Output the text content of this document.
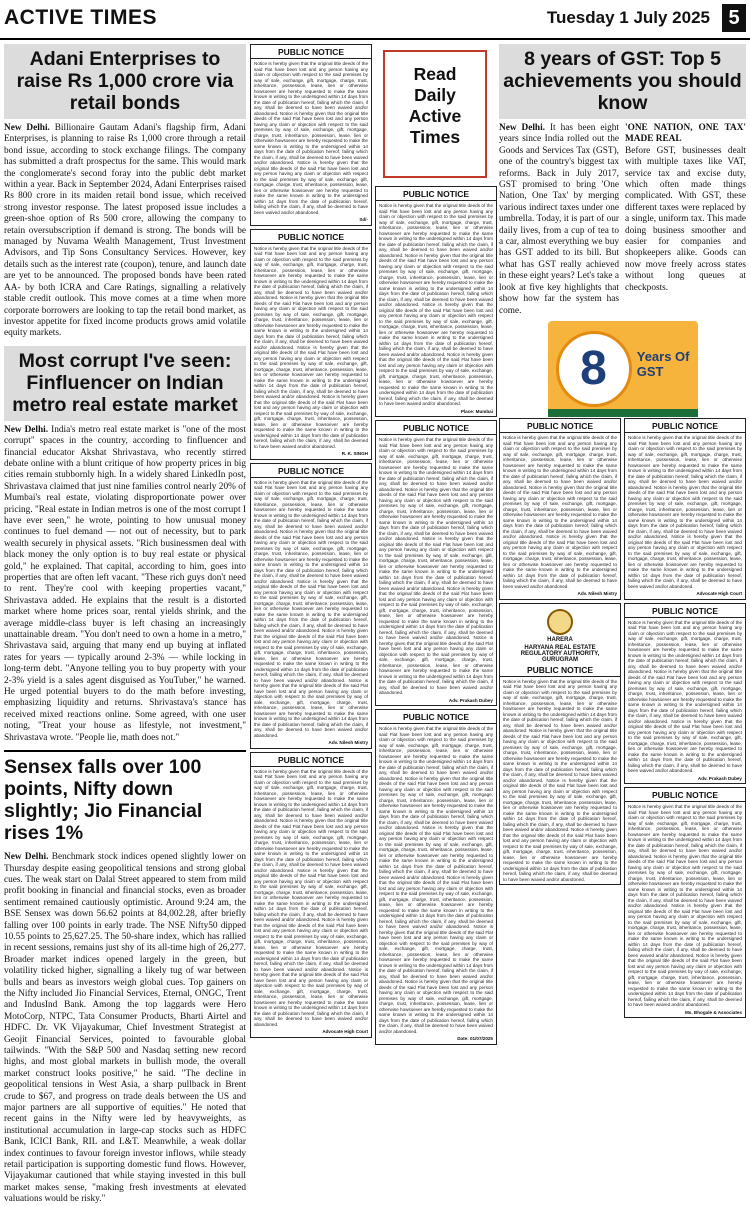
ACTIVE TIMES	Tuesday 1 July 2025 5
Adani Enterprises to raise Rs 1,000 crore via retail bonds
New Delhi. Billionaire Gautam Adani's flagship firm, Adani Enterprises, is planning to raise Rs 1,000 crore through a retail bond issue, according to stock exchange filings. The company has submitted a draft prospectus for the same. This would mark the conglomerate's second foray into the public debt market within a year. Back in September 2024, Adani Enterprises raised Rs 800 crore in its maiden retail bond issue, which received strong investor response. The latest proposed issue includes a green-shoe option of Rs 500 crore, allowing the company to retain oversubscription if demand is strong. The bonds will be managed by Nuvama Wealth Management, Trust Investment Advisors, and Tip Sons Consultancy Services. However, key details such as the interest rate (coupon), tenure, and launch date are yet to be announced. The proposed bonds have been rated AA- by both ICRA and Care Ratings, signalling a relatively stable credit outlook. This move comes at a time when more corporate borrowers are looking to tap the retail bond market, as investor appetite for fixed income products grows amid volatile equity markets.
Most corrupt I've seen: Finfluencer on Indian metro real estate market
New Delhi. India's metro real estate market is "one of the most corrupt" spaces in the country, according to finfluencer and financial educator Akshat Shrivastava, who recently stirred debate online with a blunt critique of how property prices in big cities remain stubbornly high. In a widely shared LinkedIn post, Shrivastava claimed that just nine families control nearly 20% of Mumbai's real estate, violating disproportionate power over pricing. "Real estate in Indian metros is one of the most corrupt I have ever seen," he wrote, pointing to how unusual money continues to fuel demand — not out of necessity, but to park wealth securely in physical assets. "Rich businessmen deal with black money the only option is to buy real estate or physical gold," he explained. That capital, according to him, goes into properties that are often left vacant. "These rich guys don't need to rent. They're cool with keeping properties vacant," Shrivastava added. He explains that the result is a distorted market where home prices soar, rental yields shrink, and the average middle-class buyer is left chasing an increasingly unattainable dream. "You don't need to own a home in a metro," Shrivastava said, arguing that many end up buying at inflated rates for years — typically around 2-3% — while locking in long-term debt. "Anyone telling you to buy property with your 2-3% yield is a sales agent disguised as YouTuber," he warned. He urged potential buyers to do the math before investing, emphasizing liquidity and returns. Shrivastava's stance has received mixed reactions online. Some agreed, with one user noting, "Treat your house as lifestyle, not investment," Shrivastava wrote. "People lie, math does not."
Sensex falls over 100 points, Nifty down slightly; Jio Financial rises 1%
New Delhi. Benchmark stock indices opened slightly lower on Thursday despite easing geopolitical tensions and strong global cues. The weak start on Dalal Street appeared to stem from mild profit booking in financial and financial stocks, even as broader sentiment remained cautiously optimistic. Around 9:24 am, the BSE Sensex was down 56.62 points at 84,002.28, after briefly falling over 100 points in early trade. The NSE Nifty50 dipped 10.55 points to 25,627.25. The 50-share index, which has rallied in recent sessions, remains just shy of its all-time high of 26,277. Broader market indices opened largely in the green, but volatility ticked higher, signalling a likely tug of war between bulls and bears as investors weigh global cues. Top gainers on the Nifty included Jio Financial Services, Eternal, ONGC, Trent and IndusInd Bank. Among the top laggards were Hero MotoCorp, NTPC, Tata Consumer Products, Bharti Airtel and HDFC. Dr. VK Vijayakumar, Chief Investment Strategist at Geojit Financial Services, pointed to favourable global tailwinds. "With the S&P 500 and Nasdaq setting new record highs, and most global markets in bullish mode, the overall market construct looks positive," he said. "The decline in geopolitical tensions in West Asia, a sharp pullback in Brent crude to $67, and progress on trade deals between the US and major partners are all supportive of equities." He noted that recent gains in the Nifty were led by heavyweights, as institutional accumulation in large-cap stocks such as HDFC Bank, ICICI Bank, RIL and L&T. Meanwhile, a weak dollar index continues to favour foreign investor inflows, while steady retail participation is supporting domestic fund flows. However, Vijayakumar cautioned that while staying invested in this bull market makes sense, "making fresh investments at elevated valuations would be risky."
PUBLIC NOTICE
Notice is hereby given that the original title deeds of the said Flat have been lost and any person having any claim or objection with respect to the said premises by way of sale, exchange, gift, mortgage, charge, trust, inheritance, possession, lease, lien or otherwise howsoever are hereby requested to make the same known in writing to the undersigned within 14 days from the date of publication hereof, failing which the claim, if any, shall be deemed to have been waived and/or abandoned. Notice is hereby given that the original title deeds of the said Flat have been lost and any person having any claim or objection with respect to the said premises by way of sale, exchange, gift, mortgage, charge, trust, inheritance, possession, lease, lien or otherwise howsoever are hereby requested to make the same known in writing to the undersigned within 14 days from the date of publication hereof, failing which the claim, if any, shall be deemed to have been waived and/or abandoned. Notice is hereby given that the original title deeds of the said Flat have been lost and any person having any claim or objection with respect to the said premises by way of sale, exchange, gift, mortgage, charge, trust, inheritance, possession, lease, lien or otherwise howsoever are hereby requested to make the same known in writing to the undersigned within 14 days from the date of publication hereof, failing which the claim, if any, shall be deemed to have been waived and/or abandoned.
Sd/-
PUBLIC NOTICE
Notice is hereby given that the original title deeds of the said Flat have been lost and any person having any claim or objection with respect to the said premises by way of sale, exchange, gift, mortgage, charge, trust, inheritance, possession, lease, lien or otherwise howsoever are hereby requested to make the same known in writing to the undersigned within 14 days from the date of publication hereof, failing which the claim, if any, shall be deemed to have been waived and/or abandoned. Notice is hereby given that the original title deeds of the said Flat have been lost and any person having any claim or objection with respect to the said premises by way of sale, exchange, gift, mortgage, charge, trust, inheritance, possession, lease, lien or otherwise howsoever are hereby requested to make the same known in writing to the undersigned within 14 days from the date of publication hereof, failing which the claim, if any, shall be deemed to have been waived and/or abandoned. Notice is hereby given that the original title deeds of the said Flat have been lost and any person having any claim or objection with respect to the said premises by way of sale, exchange, gift, mortgage, charge, trust, inheritance, possession, lease, lien or otherwise howsoever are hereby requested to make the same known in writing to the undersigned within 14 days from the date of publication hereof, failing which the claim, if any, shall be deemed to have been waived and/or abandoned. Notice is hereby given that the original title deeds of the said Flat have been lost and any person having any claim or objection with respect to the said premises by way of sale, exchange, gift, mortgage, charge, trust, inheritance, possession, lease, lien or otherwise howsoever are hereby requested to make the same known in writing to the undersigned within 14 days from the date of publication hereof, failing which the claim, if any, shall be deemed to have been waived and/or abandoned.
R. K. SINGH
PUBLIC NOTICE
Notice is hereby given that the original title deeds of the said Flat have been lost and any person having any claim or objection with respect to the said premises by way of sale, exchange, gift, mortgage, charge, trust, inheritance, possession, lease, lien or otherwise howsoever are hereby requested to make the same known in writing to the undersigned within 14 days from the date of publication hereof, failing which the claim, if any, shall be deemed to have been waived and/or abandoned. Notice is hereby given that the original title deeds of the said Flat have been lost and any person having any claim or objection with respect to the said premises by way of sale, exchange, gift, mortgage, charge, trust, inheritance, possession, lease, lien or otherwise howsoever are hereby requested to make the same known in writing to the undersigned within 14 days from the date of publication hereof, failing which the claim, if any, shall be deemed to have been waived and/or abandoned. Notice is hereby given that the original title deeds of the said Flat have been lost and any person having any claim or objection with respect to the said premises by way of sale, exchange, gift, mortgage, charge, trust, inheritance, possession, lease, lien or otherwise howsoever are hereby requested to make the same known in writing to the undersigned within 14 days from the date of publication hereof, failing which the claim, if any, shall be deemed to have been waived and/or abandoned. Notice is hereby given that the original title deeds of the said Flat have been lost and any person having any claim or objection with respect to the said premises by way of sale, exchange, gift, mortgage, charge, trust, inheritance, possession, lease, lien or otherwise howsoever are hereby requested to make the same known in writing to the undersigned within 14 days from the date of publication hereof, failing which the claim, if any, shall be deemed to have been waived and/or abandoned. Notice is hereby given that the original title deeds of the said Flat have been lost and any person having any claim or objection with respect to the said premises by way of sale, exchange, gift, mortgage, charge, trust, inheritance, possession, lease, lien or otherwise howsoever are hereby requested to make the same known in writing to the undersigned within 14 days from the date of publication hereof, failing which the claim, if any, shall be deemed to have been waived and/or abandoned.
Adv. Nilesh Mistry
PUBLIC NOTICE
Notice is hereby given that the original title deeds of the said Flat have been lost and any person having any claim or objection with respect to the said premises by way of sale, exchange, gift, mortgage, charge, trust, inheritance, possession, lease, lien or otherwise howsoever are hereby requested to make the same known in writing to the undersigned within 14 days from the date of publication hereof, failing which the claim, if any, shall be deemed to have been waived and/or abandoned. Notice is hereby given that the original title deeds of the said Flat have been lost and any person having any claim or objection with respect to the said premises by way of sale, exchange, gift, mortgage, charge, trust, inheritance, possession, lease, lien or otherwise howsoever are hereby requested to make the same known in writing to the undersigned within 14 days from the date of publication hereof, failing which the claim, if any, shall be deemed to have been waived and/or abandoned. Notice is hereby given that the original title deeds of the said Flat have been lost and any person having any claim or objection with respect to the said premises by way of sale, exchange, gift, mortgage, charge, trust, inheritance, possession, lease, lien or otherwise howsoever are hereby requested to make the same known in writing to the undersigned within 14 days from the date of publication hereof, failing which the claim, if any, shall be deemed to have been waived and/or abandoned. Notice is hereby given that the original title deeds of the said Flat have been lost and any person having any claim or objection with respect to the said premises by way of sale, exchange, gift, mortgage, charge, trust, inheritance, possession, lease, lien or otherwise howsoever are hereby requested to make the same known in writing to the undersigned within 14 days from the date of publication hereof, failing which the claim, if any, shall be deemed to have been waived and/or abandoned. Notice is hereby given that the original title deeds of the said Flat have been lost and any person having any claim or objection with respect to the said premises by way of sale, exchange, gift, mortgage, charge, trust, inheritance, possession, lease, lien or otherwise howsoever are hereby requested to make the same known in writing to the undersigned within 14 days from the date of publication hereof, failing which the claim, if any, shall be deemed to have been waived and/or abandoned.
Advocate High Court
Read
Daily
Active
Times
PUBLIC NOTICE
Notice is hereby given that the original title deeds of the said Flat have been lost and any person having any claim or objection with respect to the said premises by way of sale, exchange, gift, mortgage, charge, trust, inheritance, possession, lease, lien or otherwise howsoever are hereby requested to make the same known in writing to the undersigned within 14 days from the date of publication hereof, failing which the claim, if any, shall be deemed to have been waived and/or abandoned. Notice is hereby given that the original title deeds of the said Flat have been lost and any person having any claim or objection with respect to the said premises by way of sale, exchange, gift, mortgage, charge, trust, inheritance, possession, lease, lien or otherwise howsoever are hereby requested to make the same known in writing to the undersigned within 14 days from the date of publication hereof, failing which the claim, if any, shall be deemed to have been waived and/or abandoned. Notice is hereby given that the original title deeds of the said Flat have been lost and any person having any claim or objection with respect to the said premises by way of sale, exchange, gift, mortgage, charge, trust, inheritance, possession, lease, lien or otherwise howsoever are hereby requested to make the same known in writing to the undersigned within 14 days from the date of publication hereof, failing which the claim, if any, shall be deemed to have been waived and/or abandoned. Notice is hereby given that the original title deeds of the said Flat have been lost and any person having any claim or objection with respect to the said premises by way of sale, exchange, gift, mortgage, charge, trust, inheritance, possession, lease, lien or otherwise howsoever are hereby requested to make the same known in writing to the undersigned within 14 days from the date of publication hereof, failing which the claim, if any, shall be deemed to have been waived and/or abandoned.
Place: Mumbai
PUBLIC NOTICE
Notice is hereby given that the original title deeds of the said Flat have been lost and any person having any claim or objection with respect to the said premises by way of sale, exchange, gift, mortgage, charge, trust, inheritance, possession, lease, lien or otherwise howsoever are hereby requested to make the same known in writing to the undersigned within 14 days from the date of publication hereof, failing which the claim, if any, shall be deemed to have been waived and/or abandoned. Notice is hereby given that the original title deeds of the said Flat have been lost and any person having any claim or objection with respect to the said premises by way of sale, exchange, gift, mortgage, charge, trust, inheritance, possession, lease, lien or otherwise howsoever are hereby requested to make the same known in writing to the undersigned within 14 days from the date of publication hereof, failing which the claim, if any, shall be deemed to have been waived and/or abandoned. Notice is hereby given that the original title deeds of the said Flat have been lost and any person having any claim or objection with respect to the said premises by way of sale, exchange, gift, mortgage, charge, trust, inheritance, possession, lease, lien or otherwise howsoever are hereby requested to make the same known in writing to the undersigned within 14 days from the date of publication hereof, failing which the claim, if any, shall be deemed to have been waived and/or abandoned. Notice is hereby given that the original title deeds of the said Flat have been lost and any person having any claim or objection with respect to the said premises by way of sale, exchange, gift, mortgage, charge, trust, inheritance, possession, lease, lien or otherwise howsoever are hereby requested to make the same known in writing to the undersigned within 14 days from the date of publication hereof, failing which the claim, if any, shall be deemed to have been waived and/or abandoned. Notice is hereby given that the original title deeds of the said Flat have been lost and any person having any claim or objection with respect to the said premises by way of sale, exchange, gift, mortgage, charge, trust, inheritance, possession, lease, lien or otherwise howsoever are hereby requested to make the same known in writing to the undersigned within 14 days from the date of publication hereof, failing which the claim, if any, shall be deemed to have been waived and/or abandoned.
Adv. Prakash Dubey
PUBLIC NOTICE
Notice is hereby given that the original title deeds of the said Flat have been lost and any person having any claim or objection with respect to the said premises by way of sale, exchange, gift, mortgage, charge, trust, inheritance, possession, lease, lien or otherwise howsoever are hereby requested to make the same known in writing to the undersigned within 14 days from the date of publication hereof, failing which the claim, if any, shall be deemed to have been waived and/or abandoned. Notice is hereby given that the original title deeds of the said Flat have been lost and any person having any claim or objection with respect to the said premises by way of sale, exchange, gift, mortgage, charge, trust, inheritance, possession, lease, lien or otherwise howsoever are hereby requested to make the same known in writing to the undersigned within 14 days from the date of publication hereof, failing which the claim, if any, shall be deemed to have been waived and/or abandoned. Notice is hereby given that the original title deeds of the said Flat have been lost and any person having any claim or objection with respect to the said premises by way of sale, exchange, gift, mortgage, charge, trust, inheritance, possession, lease, lien or otherwise howsoever are hereby requested to make the same known in writing to the undersigned within 14 days from the date of publication hereof, failing which the claim, if any, shall be deemed to have been waived and/or abandoned. Notice is hereby given that the original title deeds of the said Flat have been lost and any person having any claim or objection with respect to the said premises by way of sale, exchange, gift, mortgage, charge, trust, inheritance, possession, lease, lien or otherwise howsoever are hereby requested to make the same known in writing to the undersigned within 14 days from the date of publication hereof, failing which the claim, if any, shall be deemed to have been waived and/or abandoned. Notice is hereby given that the original title deeds of the said Flat have been lost and any person having any claim or objection with respect to the said premises by way of sale, exchange, gift, mortgage, charge, trust, inheritance, possession, lease, lien or otherwise howsoever are hereby requested to make the same known in writing to the undersigned within 14 days from the date of publication hereof, failing which the claim, if any, shall be deemed to have been waived and/or abandoned. Notice is hereby given that the original title deeds of the said Flat have been lost and any person having any claim or objection with respect to the said premises by way of sale, exchange, gift, mortgage, charge, trust, inheritance, possession, lease, lien or otherwise howsoever are hereby requested to make the same known in writing to the undersigned within 14 days from the date of publication hereof, failing which the claim, if any, shall be deemed to have been waived and/or abandoned.
Date: 01/07/2025
8 years of GST: Top 5 achievements you should know
New Delhi. It has been eight years since India rolled out the Goods and Services Tax (GST), one of the country's biggest tax reforms. Back in July 2017, GST promised to bring 'One Nation, One Tax' by merging various indirect taxes under one umbrella. Today, it is part of our daily lives, from a cup of tea to a car, almost everything we buy has GST added to its bill. But what has GST really achieved in these eight years? Let's take a look at five key highlights that show how far the system has come.
'ONE NATION, ONE TAX' MADE REAL
Before GST, businesses dealt with multiple taxes like VAT, service tax and excise duty, which often made things complicated. With GST, these different taxes were replaced by a single, uniform tax. This made doing business smoother and easier for companies and shopkeepers alike. Goods can now move freely across states without long queues at checkposts.
8	Years Of
GST
PUBLIC NOTICE
Notice is hereby given that the original title deeds of the said Flat have been lost and any person having any claim or objection with respect to the said premises by way of sale, exchange, gift, mortgage, charge, trust, inheritance, possession, lease, lien or otherwise howsoever are hereby requested to make the same known in writing to the undersigned within 14 days from the date of publication hereof, failing which the claim, if any, shall be deemed to have been waived and/or abandoned. Notice is hereby given that the original title deeds of the said Flat have been lost and any person having any claim or objection with respect to the said premises by way of sale, exchange, gift, mortgage, charge, trust, inheritance, possession, lease, lien or otherwise howsoever are hereby requested to make the same known in writing to the undersigned within 14 days from the date of publication hereof, failing which the claim, if any, shall be deemed to have been waived and/or abandoned. Notice is hereby given that the original title deeds of the said Flat have been lost and any person having any claim or objection with respect to the said premises by way of sale, exchange, gift, mortgage, charge, trust, inheritance, possession, lease, lien or otherwise howsoever are hereby requested to make the same known in writing to the undersigned within 14 days from the date of publication hereof, failing which the claim, if any, shall be deemed to have been waived and/or abandoned.
Adv. Nilesh Mistry
HARERA
HARYANA REAL ESTATE REGULATORY AUTHORITY, GURUGRAM
PUBLIC NOTICE
Notice is hereby given that the original title deeds of the said Flat have been lost and any person having any claim or objection with respect to the said premises by way of sale, exchange, gift, mortgage, charge, trust, inheritance, possession, lease, lien or otherwise howsoever are hereby requested to make the same known in writing to the undersigned within 14 days from the date of publication hereof, failing which the claim, if any, shall be deemed to have been waived and/or abandoned. Notice is hereby given that the original title deeds of the said Flat have been lost and any person having any claim or objection with respect to the said premises by way of sale, exchange, gift, mortgage, charge, trust, inheritance, possession, lease, lien or otherwise howsoever are hereby requested to make the same known in writing to the undersigned within 14 days from the date of publication hereof, failing which the claim, if any, shall be deemed to have been waived and/or abandoned. Notice is hereby given that the original title deeds of the said Flat have been lost and any person having any claim or objection with respect to the said premises by way of sale, exchange, gift, mortgage, charge, trust, inheritance, possession, lease, lien or otherwise howsoever are hereby requested to make the same known in writing to the undersigned within 14 days from the date of publication hereof, failing which the claim, if any, shall be deemed to have been waived and/or abandoned. Notice is hereby given that the original title deeds of the said Flat have been lost and any person having any claim or objection with respect to the said premises by way of sale, exchange, gift, mortgage, charge, trust, inheritance, possession, lease, lien or otherwise howsoever are hereby requested to make the same known in writing to the undersigned within 14 days from the date of publication hereof, failing which the claim, if any, shall be deemed to have been waived and/or abandoned.
PUBLIC NOTICE
Notice is hereby given that the original title deeds of the said Flat have been lost and any person having any claim or objection with respect to the said premises by way of sale, exchange, gift, mortgage, charge, trust, inheritance, possession, lease, lien or otherwise howsoever are hereby requested to make the same known in writing to the undersigned within 14 days from the date of publication hereof, failing which the claim, if any, shall be deemed to have been waived and/or abandoned. Notice is hereby given that the original title deeds of the said Flat have been lost and any person having any claim or objection with respect to the said premises by way of sale, exchange, gift, mortgage, charge, trust, inheritance, possession, lease, lien or otherwise howsoever are hereby requested to make the same known in writing to the undersigned within 14 days from the date of publication hereof, failing which the claim, if any, shall be deemed to have been waived and/or abandoned. Notice is hereby given that the original title deeds of the said Flat have been lost and any person having any claim or objection with respect to the said premises by way of sale, exchange, gift, mortgage, charge, trust, inheritance, possession, lease, lien or otherwise howsoever are hereby requested to make the same known in writing to the undersigned within 14 days from the date of publication hereof, failing which the claim, if any, shall be deemed to have been waived and/or abandoned.
Advocate High Court
PUBLIC NOTICE
Notice is hereby given that the original title deeds of the said Flat have been lost and any person having any claim or objection with respect to the said premises by way of sale, exchange, gift, mortgage, charge, trust, inheritance, possession, lease, lien or otherwise howsoever are hereby requested to make the same known in writing to the undersigned within 14 days from the date of publication hereof, failing which the claim, if any, shall be deemed to have been waived and/or abandoned. Notice is hereby given that the original title deeds of the said Flat have been lost and any person having any claim or objection with respect to the said premises by way of sale, exchange, gift, mortgage, charge, trust, inheritance, possession, lease, lien or otherwise howsoever are hereby requested to make the same known in writing to the undersigned within 14 days from the date of publication hereof, failing which the claim, if any, shall be deemed to have been waived and/or abandoned. Notice is hereby given that the original title deeds of the said Flat have been lost and any person having any claim or objection with respect to the said premises by way of sale, exchange, gift, mortgage, charge, trust, inheritance, possession, lease, lien or otherwise howsoever are hereby requested to make the same known in writing to the undersigned within 14 days from the date of publication hereof, failing which the claim, if any, shall be deemed to have been waived and/or abandoned.
Adv. Prakash Dubey
PUBLIC NOTICE
Notice is hereby given that the original title deeds of the said Flat have been lost and any person having any claim or objection with respect to the said premises by way of sale, exchange, gift, mortgage, charge, trust, inheritance, possession, lease, lien or otherwise howsoever are hereby requested to make the same known in writing to the undersigned within 14 days from the date of publication hereof, failing which the claim, if any, shall be deemed to have been waived and/or abandoned. Notice is hereby given that the original title deeds of the said Flat have been lost and any person having any claim or objection with respect to the said premises by way of sale, exchange, gift, mortgage, charge, trust, inheritance, possession, lease, lien or otherwise howsoever are hereby requested to make the same known in writing to the undersigned within 14 days from the date of publication hereof, failing which the claim, if any, shall be deemed to have been waived and/or abandoned. Notice is hereby given that the original title deeds of the said Flat have been lost and any person having any claim or objection with respect to the said premises by way of sale, exchange, gift, mortgage, charge, trust, inheritance, possession, lease, lien or otherwise howsoever are hereby requested to make the same known in writing to the undersigned within 14 days from the date of publication hereof, failing which the claim, if any, shall be deemed to have been waived and/or abandoned. Notice is hereby given that the original title deeds of the said Flat have been lost and any person having any claim or objection with respect to the said premises by way of sale, exchange, gift, mortgage, charge, trust, inheritance, possession, lease, lien or otherwise howsoever are hereby requested to make the same known in writing to the undersigned within 14 days from the date of publication hereof, failing which the claim, if any, shall be deemed to have been waived and/or abandoned.
Ms. Bhogale & Associates
